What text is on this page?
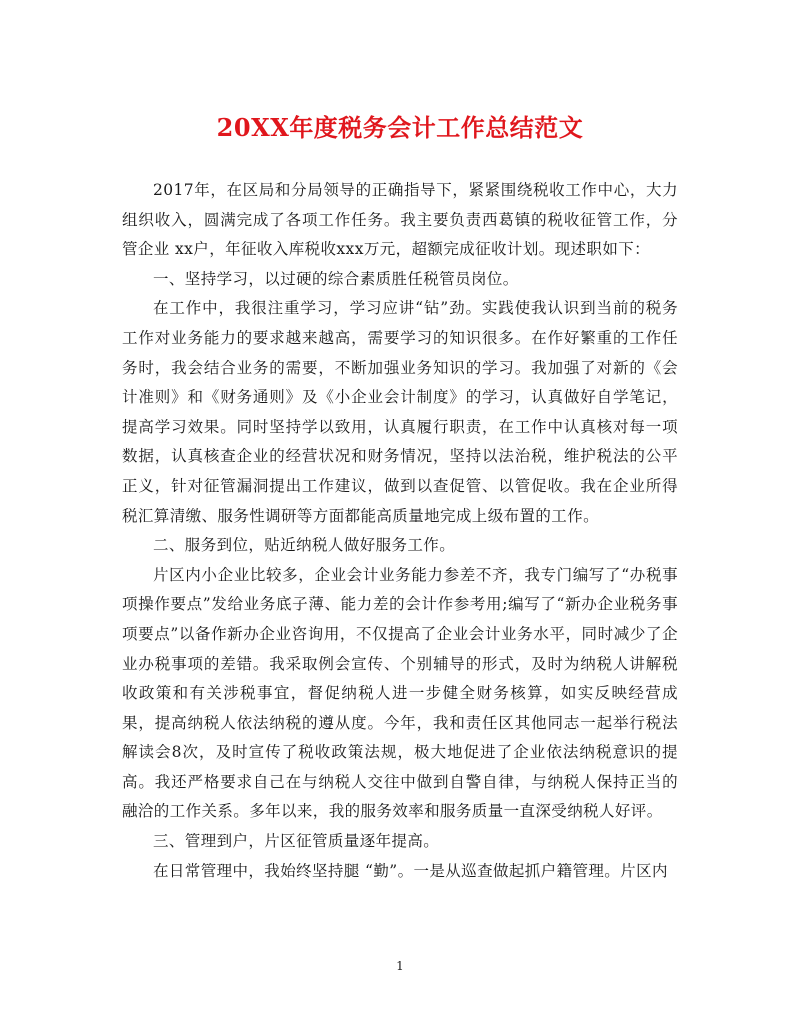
20XX年度税务会计工作总结范文

2017年，在区局和分局领导的正确指导下，紧紧围绕税收工作中心，大力组织收入，圆满完成了各项工作任务。我主要负责西葛镇的税收征管工作，分管企业 xx户，年征收入库税收xxx万元，超额完成征收计划。现述职如下：

一、坚持学习，以过硬的综合素质胜任税管员岗位。

在工作中，我很注重学习，学习应讲“钻”劲。实践使我认识到当前的税务工作对业务能力的要求越来越高，需要学习的知识很多。在作好繁重的工作任务时，我会结合业务的需要，不断加强业务知识的学习。我加强了对新的《会计准则》和《财务通则》及《小企业会计制度》的学习，认真做好自学笔记，提高学习效果。同时坚持学以致用，认真履行职责，在工作中认真核对每一项数据，认真核查企业的经营状况和财务情况，坚持以法治税，维护税法的公平正义，针对征管漏洞提出工作建议，做到以查促管、以管促收。我在企业所得税汇算清缴、服务性调研等方面都能高质量地完成上级布置的工作。

二、服务到位，贴近纳税人做好服务工作。

片区内小企业比较多，企业会计业务能力参差不齐，我专门编写了“办税事项操作要点”发给业务底子薄、能力差的会计作参考用;编写了“新办企业税务事项要点”以备作新办企业咨询用，不仅提高了企业会计业务水平，同时减少了企业办税事项的差错。我采取例会宣传、个别辅导的形式，及时为纳税人讲解税收政策和有关涉税事宜，督促纳税人进一步健全财务核算，如实反映经营成果，提高纳税人依法纳税的遵从度。今年，我和责任区其他同志一起举行税法解读会8次，及时宣传了税收政策法规，极大地促进了企业依法纳税意识的提高。我还严格要求自己在与纳税人交往中做到自警自律，与纳税人保持正当的融洽的工作关系。多年以来，我的服务效率和服务质量一直深受纳税人好评。

三、管理到户，片区征管质量逐年提高。

在日常管理中，我始终坚持腿 “勤”。一是从巡查做起抓户籍管理。片区内

1
